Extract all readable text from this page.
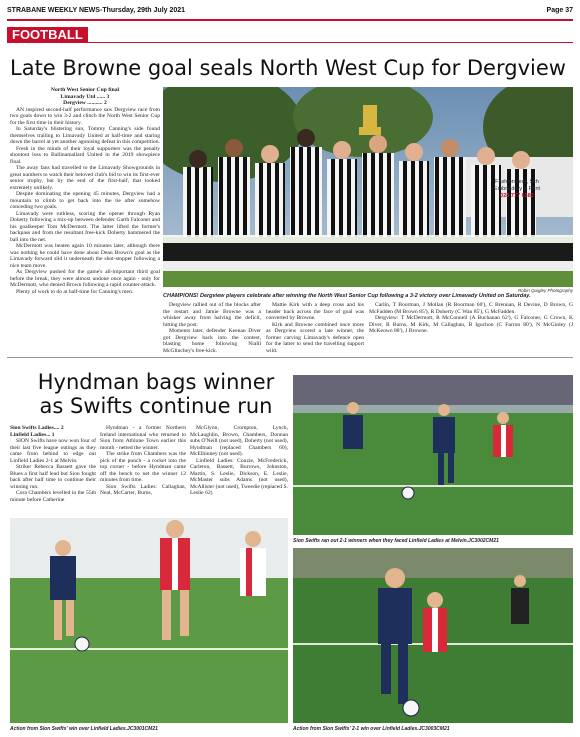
STRABANE WEEKLY NEWS-Thursday, 29th July 2021	Page 37
FOOTBALL
Late Browne goal seals North West Cup for Dergview

North West Senior Cup final

Limavady Utd ...... 3

Dergview ........... 2

AN inspired second-half performance saw Dergview race from two goals down to win 3-2 and clinch the North West Senior Cup for the first time in their history.

In Saturday's blistering sun, Tommy Canning's side found themselves trailing to Limavady United at half-time and staring down the barrel at yet another agonising defeat in this competition.

Fresh in the minds of their loyal supporters was the penalty shootout loss to Ballinamallard United in the 2019 showpiece final.

The away fans had travelled to the Limavady Showgrounds in great numbers to watch their beloved club's bid to win its first-ever senior trophy, but by the end of the first-half, that looked extremely unlikely.

Despite dominating the opening 45 minutes, Dergview had a mountain to climb to get back into the tie after somehow conceding two goals.

Limavady were ruthless, scoring the opener through Ryan Doherty following a mix-up between defender Garth Falconer and his goalkeeper Tom McDermott. The latter lifted the former's backpass and from the resultant free-kick Doherty hammered the ball into the net.

McDermott was beaten again 10 minutes later, although there was nothing he could have done about Dean Brown's goal as the Limavady forward slid it underneath the shot-stopper following a nice team move.

As Dergview pushed for the game's all-important third goal before the break, they were almost undone once again - only for McDermott, who denied Brown following a rapid counter-attack.

Plenty of work to do at half-time for Canning's men.

Fashionwear, Sch
Embroidery & Print
028 777 6382
Robin Quigley Photography
CHAMPIONS! Dergview players celebrate after winning the North West Senior Cup following a 3-2 victory over Limavady United on Saturday.

Dergview rallied out of the blocks after the restart and Jamie Browne was a whisker away from halving the deficit, hitting the post.

Moments later, defender Keenan Diver got Dergview back into the contest, blasting home following Nialll McGlinchey's free-kick.

Mattie Kirk with a deep cross and his header back across the face of goal was converted by Browne.

Kirk and Browne combined once more as Dergview scored a late winner, the former carving Limavady's defence open for the latter to send the travelling support wild.

Carlin, T Boorman, J Mollan (R Boorman 60'), C Brennan, R Devine, D Brown, G McFadden (M Brown 85'), R Doherty (C Wan 85'), G McFadden.

Dergview: T McDermott, R McConnell (A Buchanan 62'), G Falconer, G Crown, K Diver, R Burns, M Kirk, M Callaghan, B Iguchon (C Farron 80'), N McGinley (J McKeown 88'), J Browne.

Hyndman bags winner as Swifts continue run

Sion Swifts Ladies.... 2

Linfield Ladies... 1

SION Swifts have now won four of their last five league outings as they came from behind to edge out Linfield Ladies 2-1 at Melvin.

Striker Rebecca Bassett gave the Blues a first half lead but Sion fought back after half time to continue their winning run.

Cora Chambers levelled in the 55th minute before Catherine

Hyndman - a former Northern Ireland international who returned to Sion from Athlone Town earlier this month - netted the winner.

The strike from Chambers was the pick of the punch - a rocket into the top corner - before Hyndman came off the bench to net the winner 12 minutes from time.

Sion Swifts Ladies: Callaghan, Neal, McCarter, Burns,

McGlynn, Crompton, Lynch, McLaughlin, Brown, Chambers, Donnan subs O'Neill (not used), Doherty (not used), Hyndman (replaced Chambers 60), McElhinney (not used).

Linfield Ladies: Couzie, McFrederick, Carleton, Bassett, Burrows, Johnston, Martin, S. Leslie, Dickson, E. Leslie, McMaster subs Adams (not used), McAllister (not used), Tweedie (replaced S. Leslie 62)

Action from Sion Swifts' win over Linfield Ladies.JC3001CM21
Sion Swifts ran out 2-1 winners when they faced Linfield Ladies at Melvin.JC3002CM21
Action from Sion Swifts' 2-1 win over Linfield Ladies.JC3003CM21
